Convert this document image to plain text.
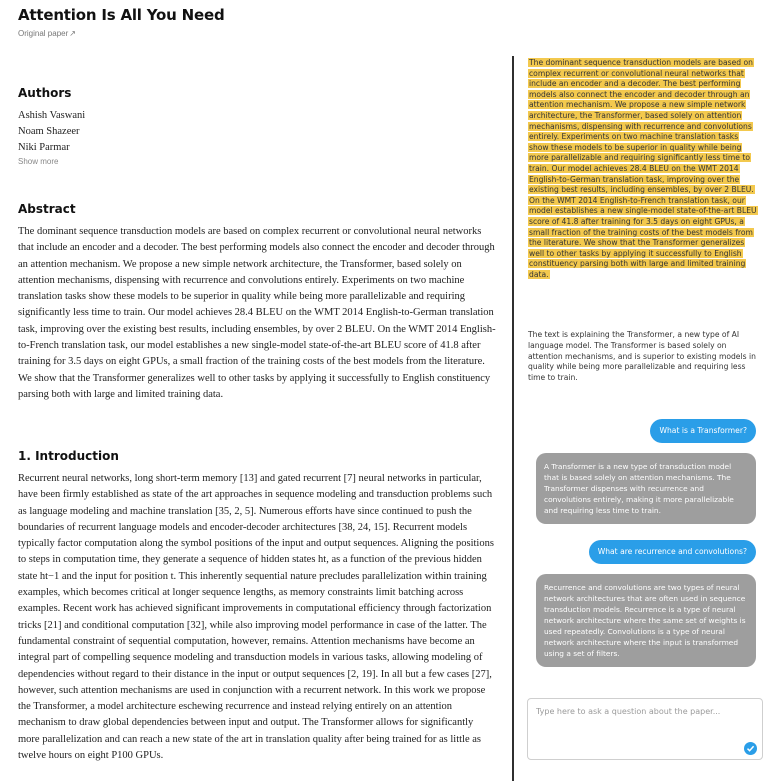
Attention Is All You Need
Original paper↗
Authors
Ashish Vaswani
Noam Shazeer
Niki Parmar
Show more
Abstract
The dominant sequence transduction models are based on complex recurrent or convolutional neural networks that include an encoder and a decoder. The best performing models also connect the encoder and decoder through an attention mechanism. We propose a new simple network architecture, the Transformer, based solely on attention mechanisms, dispensing with recurrence and convolutions entirely. Experiments on two machine translation tasks show these models to be superior in quality while being more parallelizable and requiring significantly less time to train. Our model achieves 28.4 BLEU on the WMT 2014 English-to-German translation task, improving over the existing best results, including ensembles, by over 2 BLEU. On the WMT 2014 English-to-French translation task, our model establishes a new single-model state-of-the-art BLEU score of 41.8 after training for 3.5 days on eight GPUs, a small fraction of the training costs of the best models from the literature. We show that the Transformer generalizes well to other tasks by applying it successfully to English constituency parsing both with large and limited training data.
1. Introduction
Recurrent neural networks, long short-term memory [13] and gated recurrent [7] neural networks in particular, have been firmly established as state of the art approaches in sequence modeling and transduction problems such as language modeling and machine translation [35, 2, 5]. Numerous efforts have since continued to push the boundaries of recurrent language models and encoder-decoder architectures [38, 24, 15]. Recurrent models typically factor computation along the symbol positions of the input and output sequences. Aligning the positions to steps in computation time, they generate a sequence of hidden states ht, as a function of the previous hidden state ht−1 and the input for position t. This inherently sequential nature precludes parallelization within training examples, which becomes critical at longer sequence lengths, as memory constraints limit batching across examples. Recent work has achieved significant improvements in computational efficiency through factorization tricks [21] and conditional computation [32], while also improving model performance in case of the latter. The fundamental constraint of sequential computation, however, remains. Attention mechanisms have become an integral part of compelling sequence modeling and transduction models in various tasks, allowing modeling of dependencies without regard to their distance in the input or output sequences [2, 19]. In all but a few cases [27], however, such attention mechanisms are used in conjunction with a recurrent network. In this work we propose the Transformer, a model architecture eschewing recurrence and instead relying entirely on an attention mechanism to draw global dependencies between input and output. The Transformer allows for significantly more parallelization and can reach a new state of the art in translation quality after being trained for as little as twelve hours on eight P100 GPUs.
The dominant sequence transduction models are based on complex recurrent or convolutional neural networks that include an encoder and a decoder. The best performing models also connect the encoder and decoder through an attention mechanism. We propose a new simple network architecture, the Transformer, based solely on attention mechanisms, dispensing with recurrence and convolutions entirely. Experiments on two machine translation tasks show these models to be superior in quality while being more parallelizable and requiring significantly less time to train. Our model achieves 28.4 BLEU on the WMT 2014 English-to-German translation task, improving over the existing best results, including ensembles, by over 2 BLEU. On the WMT 2014 English-to-French translation task, our model establishes a new single-model state-of-the-art BLEU score of 41.8 after training for 3.5 days on eight GPUs, a small fraction of the training costs of the best models from the literature. We show that the Transformer generalizes well to other tasks by applying it successfully to English constituency parsing both with large and limited training data.
The text is explaining the Transformer, a new type of AI language model. The Transformer is based solely on attention mechanisms, and is superior to existing models in quality while being more parallelizable and requiring less time to train.
What is a Transformer?
A Transformer is a new type of transduction model that is based solely on attention mechanisms. The Transformer dispenses with recurrence and convolutions entirely, making it more parallelizable and requiring less time to train.
What are recurrence and convolutions?
Recurrence and convolutions are two types of neural network architectures that are often used in sequence transduction models. Recurrence is a type of neural network architecture where the same set of weights is used repeatedly. Convolutions is a type of neural network architecture where the input is transformed using a set of filters.
Type here to ask a question about the paper...
